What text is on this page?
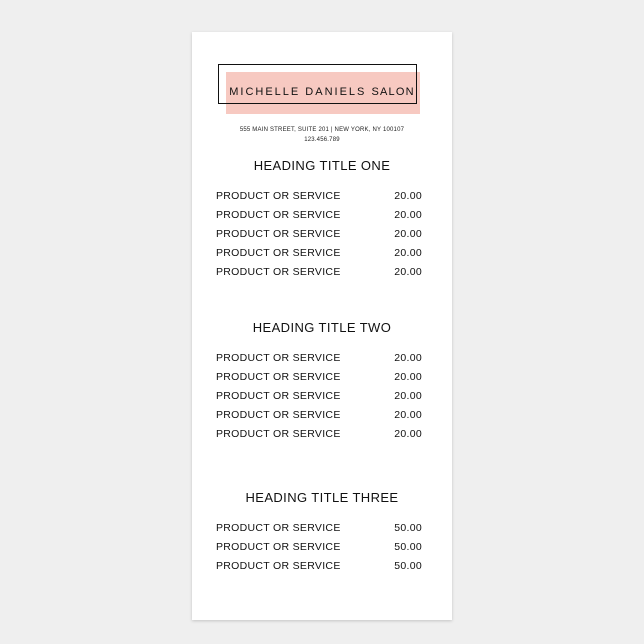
MICHELLE DANIELS SALON
555 MAIN STREET, SUITE 201 | NEW YORK, NY 100107
123.456.789
HEADING TITLE ONE
PRODUCT OR SERVICE	20.00
PRODUCT OR SERVICE	20.00
PRODUCT OR SERVICE	20.00
PRODUCT OR SERVICE	20.00
PRODUCT OR SERVICE	20.00
HEADING TITLE TWO
PRODUCT OR SERVICE	20.00
PRODUCT OR SERVICE	20.00
PRODUCT OR SERVICE	20.00
PRODUCT OR SERVICE	20.00
PRODUCT OR SERVICE	20.00
HEADING TITLE THREE
PRODUCT OR SERVICE	50.00
PRODUCT OR SERVICE	50.00
PRODUCT OR SERVICE	50.00
